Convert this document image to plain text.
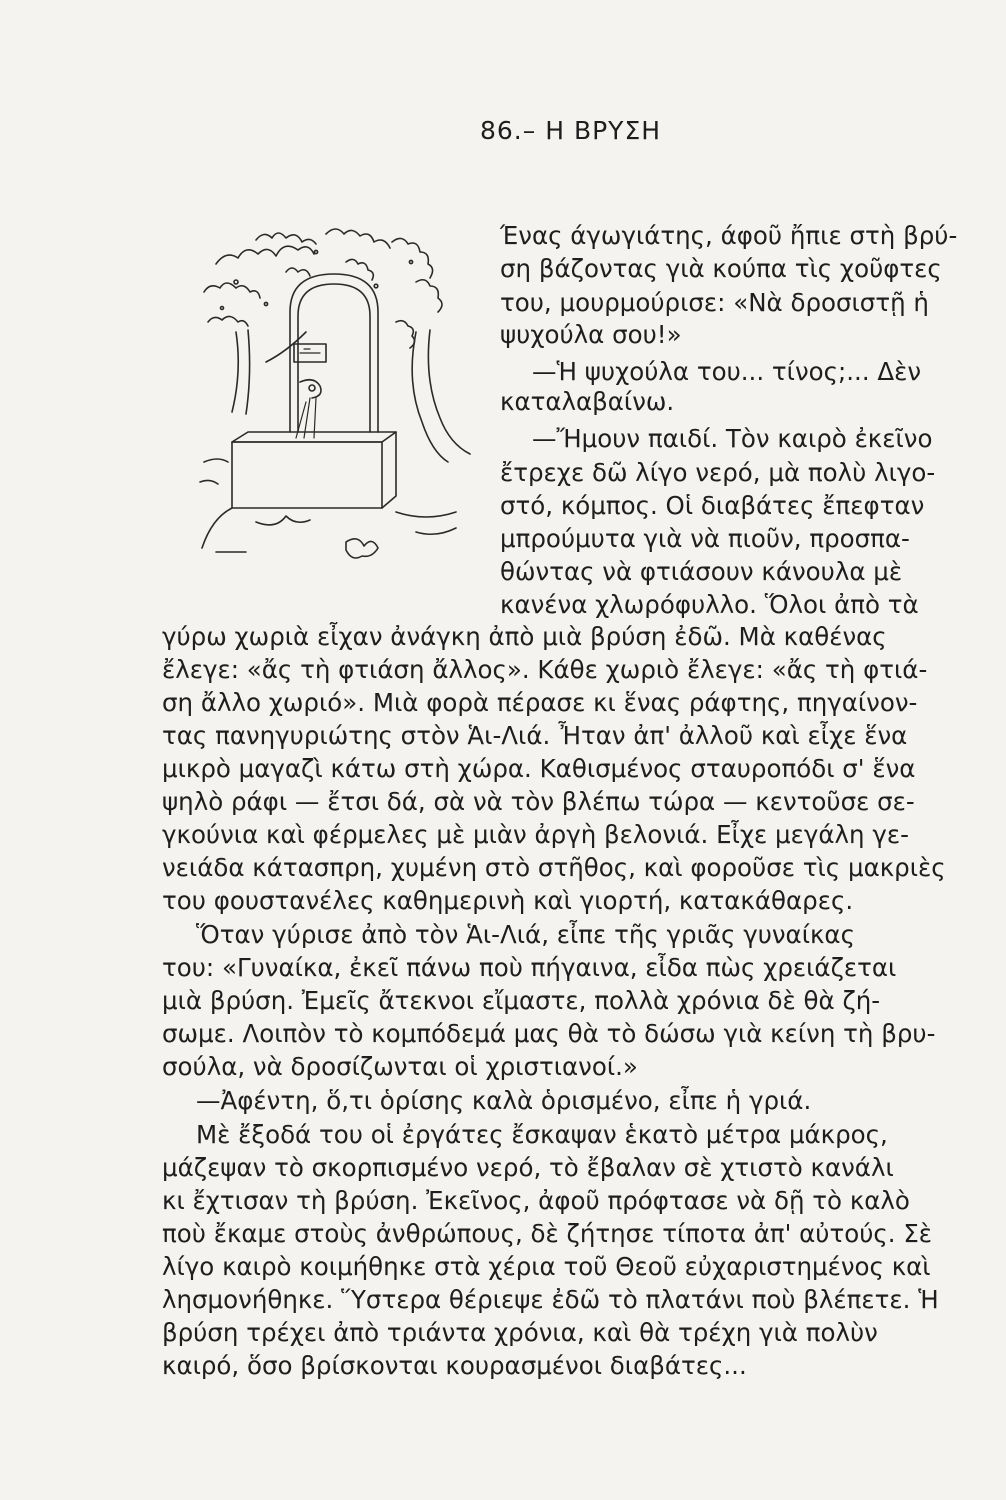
86.– Η ΒΡΥΣΗ
Ένας άγωγιάτης, άφοῦ ἤπιε στὴ βρύ-
ση βάζοντας γιὰ κούπα τὶς χοῦφτες
του, μουρμούρισε: «Νὰ δροσιστῇ ἡ
ψυχούλα σου!»
—Ἡ ψυχούλα του... τίνος;... Δὲν
καταλαβαίνω.
—Ἤμουν παιδί. Τὸν καιρὸ ἐκεῖνο
ἔτρεχε δῶ λίγο νερό, μὰ πολὺ λιγο-
στό, κόμπος. Οἱ διαβάτες ἔπεφταν
μπρούμυτα γιὰ νὰ πιοῦν, προσπα-
θώντας νὰ φτιάσουν κάνουλα μὲ
κανένα χλωρόφυλλο. Ὅλοι ἀπὸ τὰ
γύρω χωριὰ εἶχαν ἀνάγκη ἀπὸ μιὰ βρύση ἐδῶ. Μὰ καθένας
ἔλεγε: «ἄς τὴ φτιάση ἄλλος». Κάθε χωριὸ ἔλεγε: «ἄς τὴ φτιά-
ση ἄλλο χωριό». Μιὰ φορὰ πέρασε κι ἕνας ράφτης, πηγαίνον-
τας πανηγυριώτης στὸν Ἁι-Λιά. Ἦταν ἀπ' ἀλλοῦ καὶ εἶχε ἕνα
μικρὸ μαγαζὶ κάτω στὴ χώρα. Καθισμένος σταυροπόδι σ' ἕνα
ψηλὸ ράφι — ἔτσι δά, σὰ νὰ τὸν βλέπω τώρα — κεντοῦσε σε-
γκούνια καὶ φέρμελες μὲ μιὰν ἀργὴ βελονιά. Εἶχε μεγάλη γε-
νειάδα κάτασπρη, χυμένη στὸ στῆθος, καὶ φοροῦσε τὶς μακριὲς
του φουστανέλες καθημερινὴ καὶ γιορτή, κατακάθαρες.
Ὅταν γύρισε ἀπὸ τὸν Ἁι-Λιά, εἶπε τῆς γριᾶς γυναίκας
του: «Γυναίκα, ἐκεῖ πάνω ποὺ πήγαινα, εἶδα πὼς χρειάζεται
μιὰ βρύση. Ἐμεῖς ἄτεκνοι εἴμαστε, πολλὰ χρόνια δὲ θὰ ζή-
σωμε. Λοιπὸν τὸ κομπόδεμά μας θὰ τὸ δώσω γιὰ κείνη τὴ βρυ-
σούλα, νὰ δροσίζωνται οἱ χριστιανοί.»
—Ἀφέντη, ὅ,τι ὁρίσης καλὰ ὁρισμένο, εἶπε ἡ γριά.
Μὲ ἔξοδά του οἱ ἐργάτες ἔσκαψαν ἑκατὸ μέτρα μάκρος,
μάζεψαν τὸ σκορπισμένο νερό, τὸ ἔβαλαν σὲ χτιστὸ κανάλι
κι ἔχτισαν τὴ βρύση. Ἐκεῖνος, ἀφοῦ πρόφτασε νὰ δῇ τὸ καλὸ
ποὺ ἔκαμε στοὺς ἀνθρώπους, δὲ ζήτησε τίποτα ἀπ' αὐτούς. Σὲ
λίγο καιρὸ κοιμήθηκε στὰ χέρια τοῦ Θεοῦ εὐχαριστημένος καὶ
λησμονήθηκε. Ὕστερα θέριεψε ἐδῶ τὸ πλατάνι ποὺ βλέπετε. Ἡ
βρύση τρέχει ἀπὸ τριάντα χρόνια, καὶ θὰ τρέχη γιὰ πολὺν
καιρό, ὅσο βρίσκονται κουρασμένοι διαβάτες...
